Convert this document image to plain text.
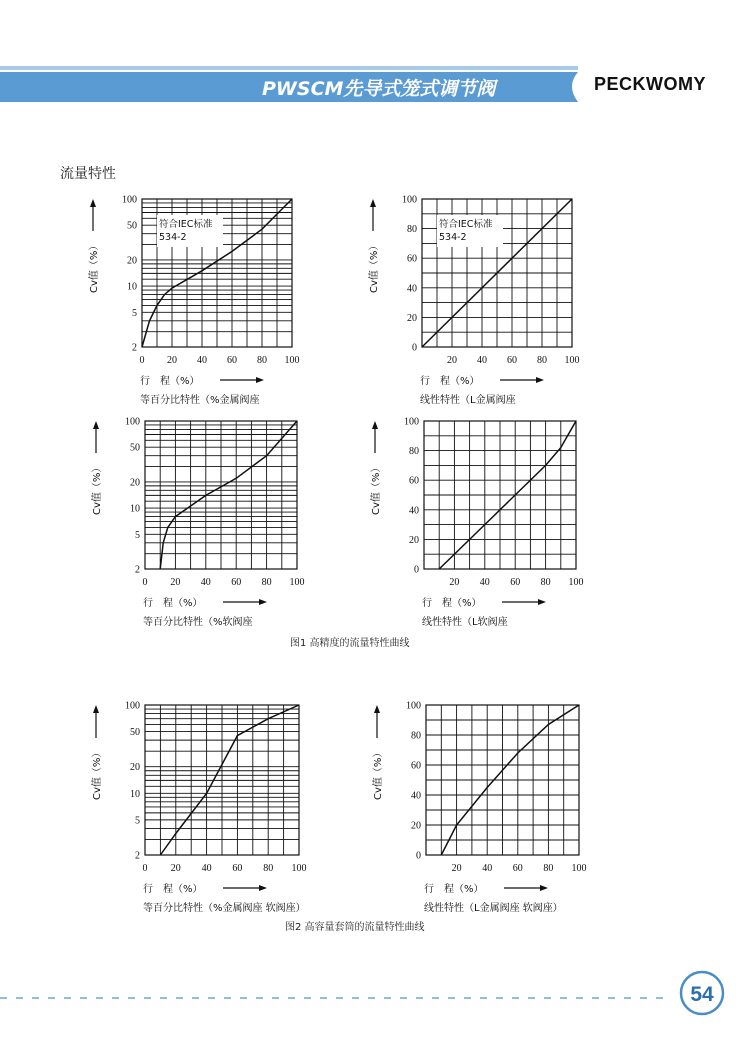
PWSCM先导式笼式调节阀	PECKWOMY
流量特性
符合IEC标准
534-2
2
5
10
20
50
100
0 20 40 60 80 100
Cv值（%）
行　程（%）
等百分比特性（%金属阀座
符合IEC标准
534-2
0
20
40
60
80
100
20 40 60 80 100
Cv值（%）
行　程（%）
线性特性（L金属阀座
2
5
10
20
50
100
0 20 40 60 80 100
Cv值（%）
行　程（%）
等百分比特性（%软阀座
0
20
40
60
80
100
20 40 60 80 100
Cv值（%）
行　程（%）
线性特性（L软阀座
2
5
10
20
50
100
0 20 40 60 80 100
Cv值（%）
行　程（%）
等百分比特性（%金属阀座 软阀座）
0
20
40
60
80
100
20 40 60 80 100
Cv值（%）
行　程（%）
线性特性（L金属阀座 软阀座）
图1 高精度的流量特性曲线
图2 高容量套筒的流量特性曲线
54
